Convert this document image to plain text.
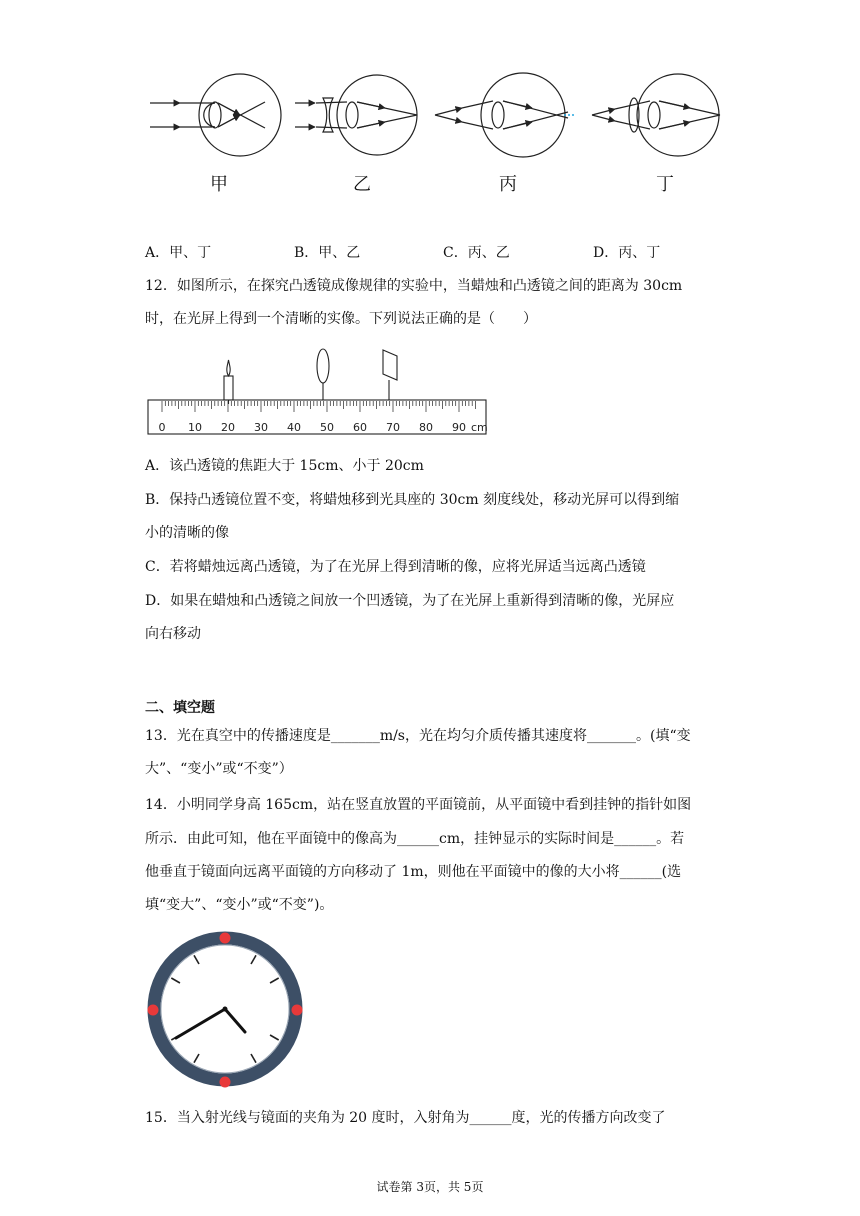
甲	乙	丙	丁
A．甲、丁	B．甲、乙	C．丙、乙	D．丙、丁
12．如图所示，在探究凸透镜成像规律的实验中，当蜡烛和凸透镜之间的距离为 30cm
时，在光屏上得到一个清晰的实像。下列说法正确的是（　　）
0 10 20 30 40 50 60 70 80 90 cm
A．该凸透镜的焦距大于 15cm、小于 20cm
B．保持凸透镜位置不变，将蜡烛移到光具座的 30cm 刻度线处，移动光屏可以得到缩
小的清晰的像
C．若将蜡烛远离凸透镜，为了在光屏上得到清晰的像，应将光屏适当远离凸透镜
D．如果在蜡烛和凸透镜之间放一个凹透镜，为了在光屏上重新得到清晰的像，光屏应
向右移动
二、填空题
13．光在真空中的传播速度是_______m/s，光在均匀介质传播其速度将_______。(填“变
大”、“变小”或“不变”）
14．小明同学身高 165cm，站在竖直放置的平面镜前，从平面镜中看到挂钟的指针如图
所示．由此可知，他在平面镜中的像高为______cm，挂钟显示的实际时间是______。若
他垂直于镜面向远离平面镜的方向移动了 1m，则他在平面镜中的像的大小将______(选
填“变大”、“变小”或“不变”)。
15．当入射光线与镜面的夹角为 20 度时，入射角为______度，光的传播方向改变了
试卷第 3页，共 5页
